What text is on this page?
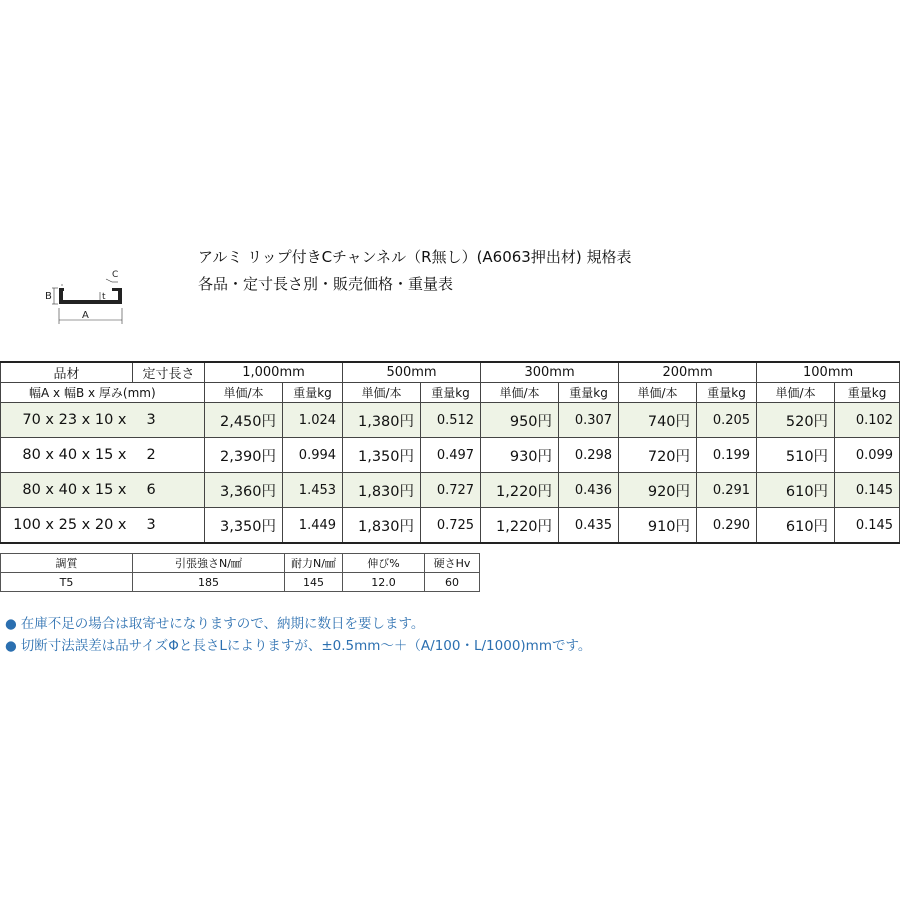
アルミ リップ付きCチャンネル（R無し）(A6063押出材) 規格表
各品・定寸長さ別・販売価格・重量表
B
C
t
A
品材	定寸長さ	1,000mm		500mm		300mm		200mm		100mm	
幅A x 幅B x 厚み(mm)		単価/本	重量kg	単価/本	重量kg	単価/本	重量kg	単価/本	重量kg	単価/本	重量kg
70 x 23 x 10 x	3	2,450円	1.024	1,380円	0.512	950円	0.307	740円	0.205	520円	0.102
80 x 40 x 15 x	2	2,390円	0.994	1,350円	0.497	930円	0.298	720円	0.199	510円	0.099
80 x 40 x 15 x	6	3,360円	1.453	1,830円	0.727	1,220円	0.436	920円	0.291	610円	0.145
100 x 25 x 20 x	3	3,350円	1.449	1,830円	0.725	1,220円	0.435	910円	0.290	610円	0.145
調質	引張強さN/㎟	耐力N/㎟	伸び%	硬さHv
T5	185	145	12.0	60
● 在庫不足の場合は取寄せになりますので、納期に数日を要します。
● 切断寸法誤差は品サイズΦと長さLによりますが、±0.5mm～＋（A/100・L/1000)mmです。
